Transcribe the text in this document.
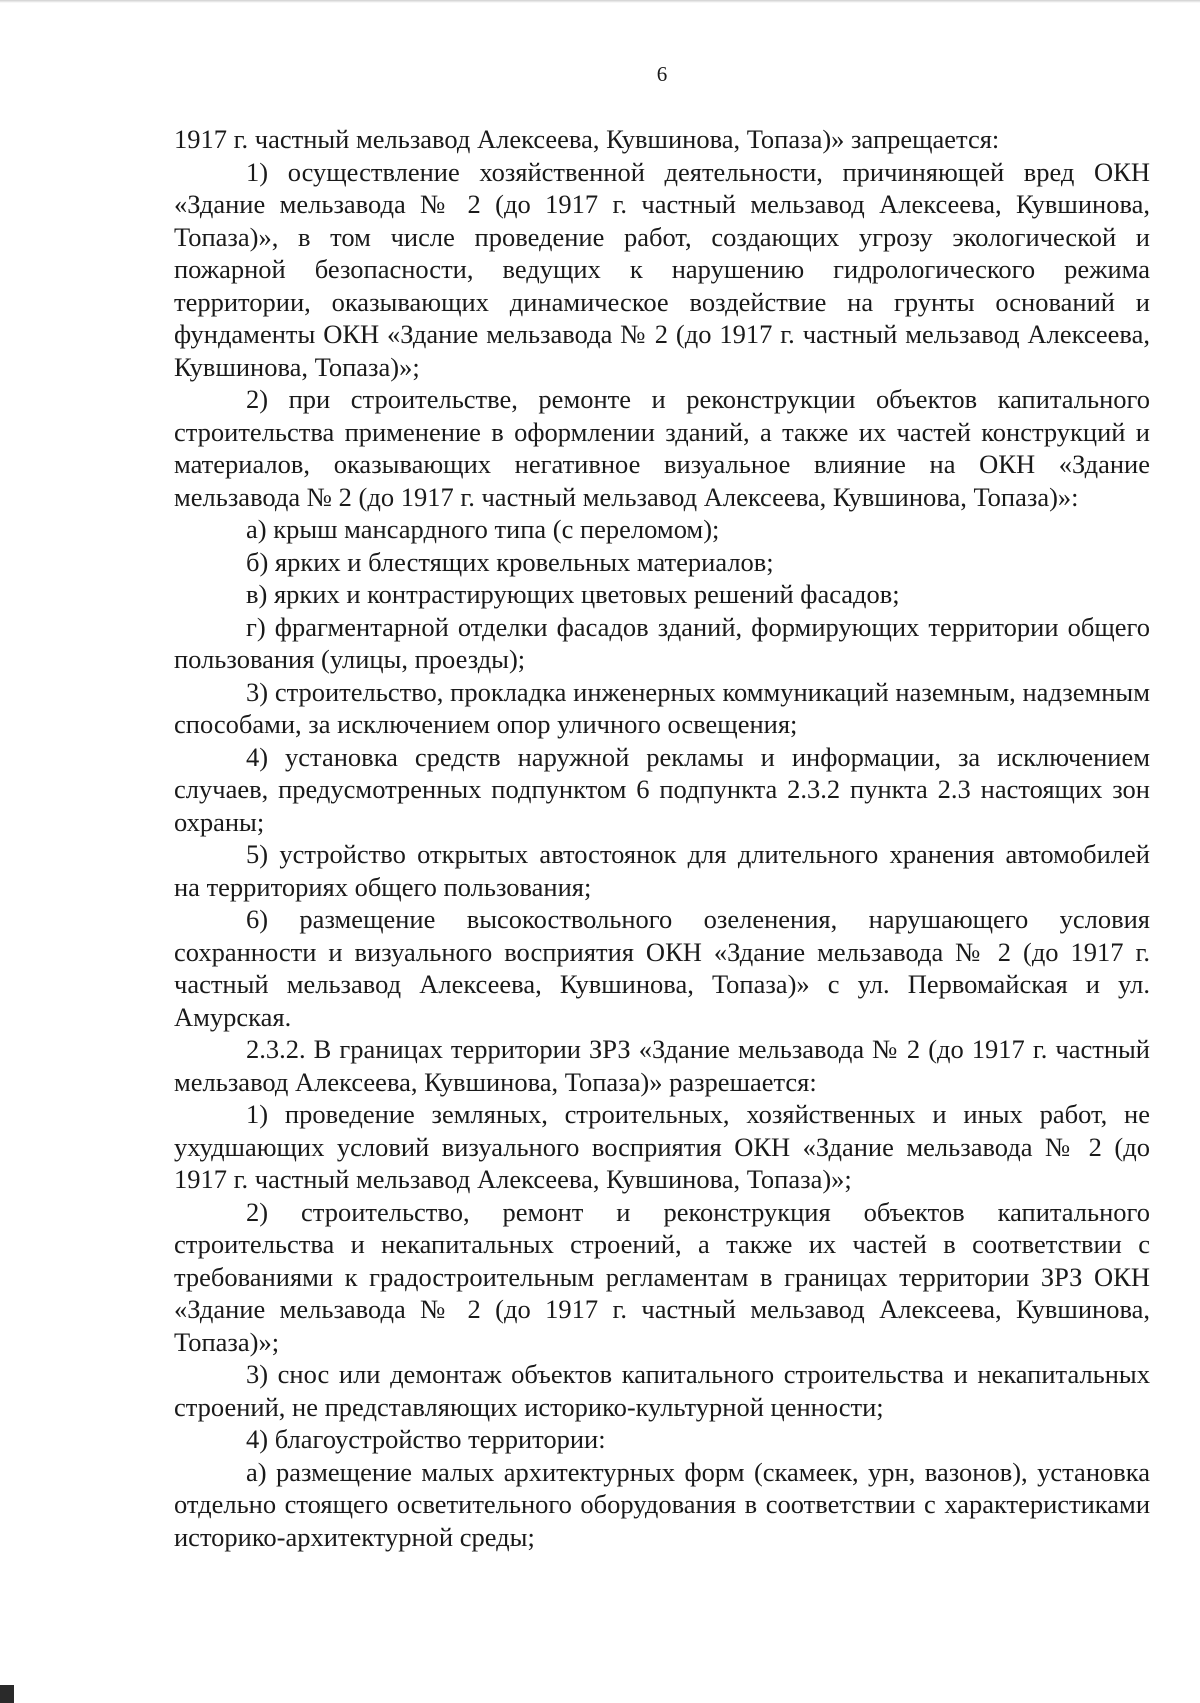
6

1917 г. частный мельзавод Алексеева, Кувшинова, Топаза)» запрещается:

1) осуществление хозяйственной деятельности, причиняющей вред ОКН «Здание мельзавода № 2 (до 1917 г. частный мельзавод Алексеева, Кувшинова, Топаза)», в том числе проведение работ, создающих угрозу экологической и пожарной безопасности, ведущих к нарушению гидрологического режима территории, оказывающих динамическое воздействие на грунты оснований и фундаменты ОКН «Здание мельзавода № 2 (до 1917 г. частный мельзавод Алексеева, Кувшинова, Топаза)»;

2) при строительстве, ремонте и реконструкции объектов капитального строительства применение в оформлении зданий, а также их частей конструкций и материалов, оказывающих негативное визуальное влияние на ОКН «Здание мельзавода № 2 (до 1917 г. частный мельзавод Алексеева, Кувшинова, Топаза)»:

а) крыш мансардного типа (с переломом);

б) ярких и блестящих кровельных материалов;

в) ярких и контрастирующих цветовых решений фасадов;

г) фрагментарной отделки фасадов зданий, формирующих территории общего пользования (улицы, проезды);

3) строительство, прокладка инженерных коммуникаций наземным, надземным способами, за исключением опор уличного освещения;

4) установка средств наружной рекламы и информации, за исключением случаев, предусмотренных подпунктом 6 подпункта 2.3.2 пункта 2.3 настоящих зон охраны;

5) устройство открытых автостоянок для длительного хранения автомобилей на территориях общего пользования;

6) размещение высокоствольного озеленения, нарушающего условия сохранности и визуального восприятия ОКН «Здание мельзавода № 2 (до 1917 г. частный мельзавод Алексеева, Кувшинова, Топаза)» с ул. Первомайская и ул. Амурская.

2.3.2. В границах территории ЗРЗ «Здание мельзавода № 2 (до 1917 г. частный мельзавод Алексеева, Кувшинова, Топаза)» разрешается:

1) проведение земляных, строительных, хозяйственных и иных работ, не ухудшающих условий визуального восприятия ОКН «Здание мельзавода № 2 (до 1917 г. частный мельзавод Алексеева, Кувшинова, Топаза)»;

2) строительство, ремонт и реконструкция объектов капитального строительства и некапитальных строений, а также их частей в соответствии с требованиями к градостроительным регламентам в границах территории ЗРЗ ОКН «Здание мельзавода № 2 (до 1917 г. частный мельзавод Алексеева, Кувшинова, Топаза)»;

3) снос или демонтаж объектов капитального строительства и некапитальных строений, не представляющих историко-культурной ценности;

4) благоустройство территории:

а) размещение малых архитектурных форм (скамеек, урн, вазонов), установка отдельно стоящего осветительного оборудования в соответствии с характеристиками историко-архитектурной среды;
